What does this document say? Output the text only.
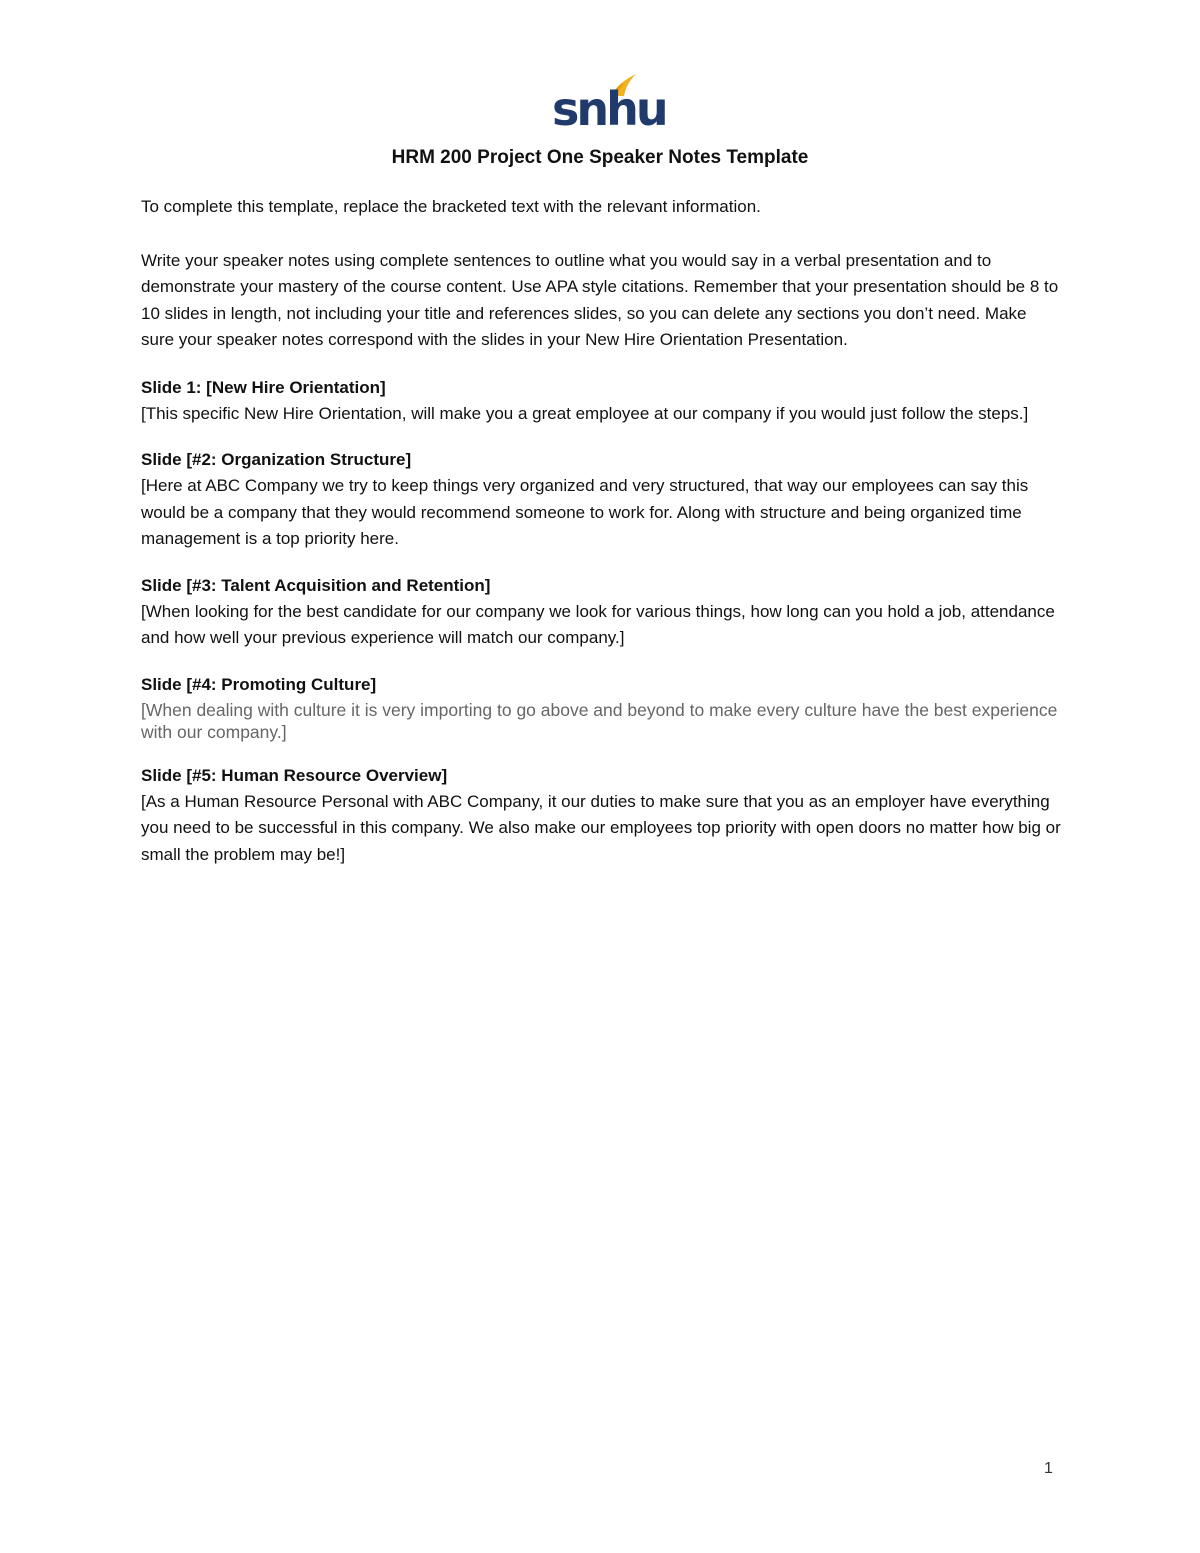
snhu
HRM 200 Project One Speaker Notes Template

To complete this template, replace the bracketed text with the relevant information.

Write your speaker notes using complete sentences to outline what you would say in a verbal presentation and to demonstrate your mastery of the course content. Use APA style citations. Remember that your presentation should be 8 to 10 slides in length, not including your title and references slides, so you can delete any sections you don’t need. Make sure your speaker notes correspond with the slides in your New Hire Orientation Presentation.

Slide 1: [New Hire Orientation]

[This specific New Hire Orientation, will make you a great employee at our company if you would just follow the steps.]

Slide [#2: Organization Structure]

[Here at ABC Company we try to keep things very organized and very structured, that way our employees can say this would be a company that they would recommend someone to work for. Along with structure and being organized time management is a top priority here.

Slide [#3: Talent Acquisition and Retention]

[When looking for the best candidate for our company we look for various things, how long can you hold a job, attendance and how well your previous experience will match our company.]

Slide [#4: Promoting Culture]

[When dealing with culture it is very importing to go above and beyond to make every culture have the best experience with our company.]

Slide [#5: Human Resource Overview]

[As a Human Resource Personal with ABC Company, it our duties to make sure that you as an employer have everything you need to be successful in this company. We also make our employees top priority with open doors no matter how big or small the problem may be!]

1
